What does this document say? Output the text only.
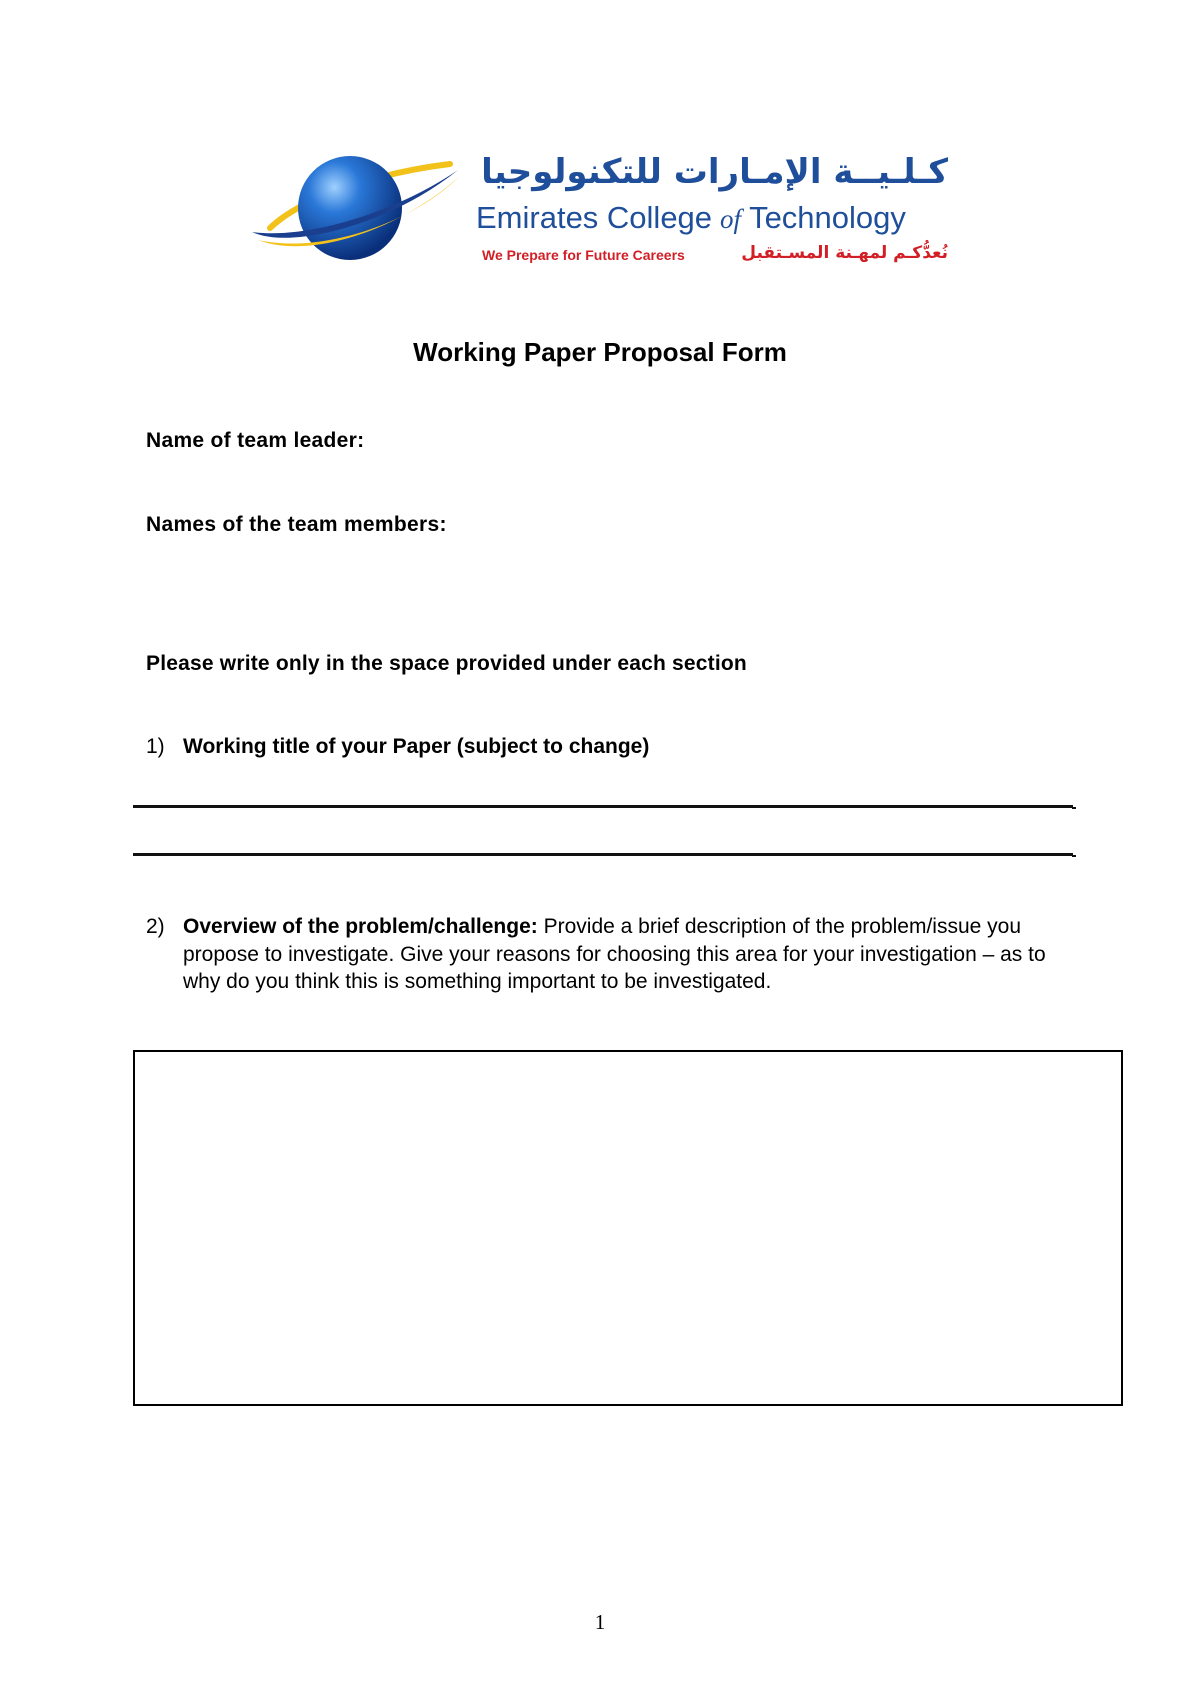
كـلـيــة الإمـارات للتكنولوجيا
Emirates College of Technology
We Prepare for Future Careers	نُعدُّكـم لمهـنة المسـتقبل
Working Paper Proposal Form
Name of team leader:
Names of the team members:
Please write only in the space provided under each section
1) Working title of your Paper (subject to change)
2) Overview of the problem/challenge: Provide a brief description of the problem/issue you propose to investigate. Give your reasons for choosing this area for your investigation – as to why do you think this is something important to be investigated.
1
